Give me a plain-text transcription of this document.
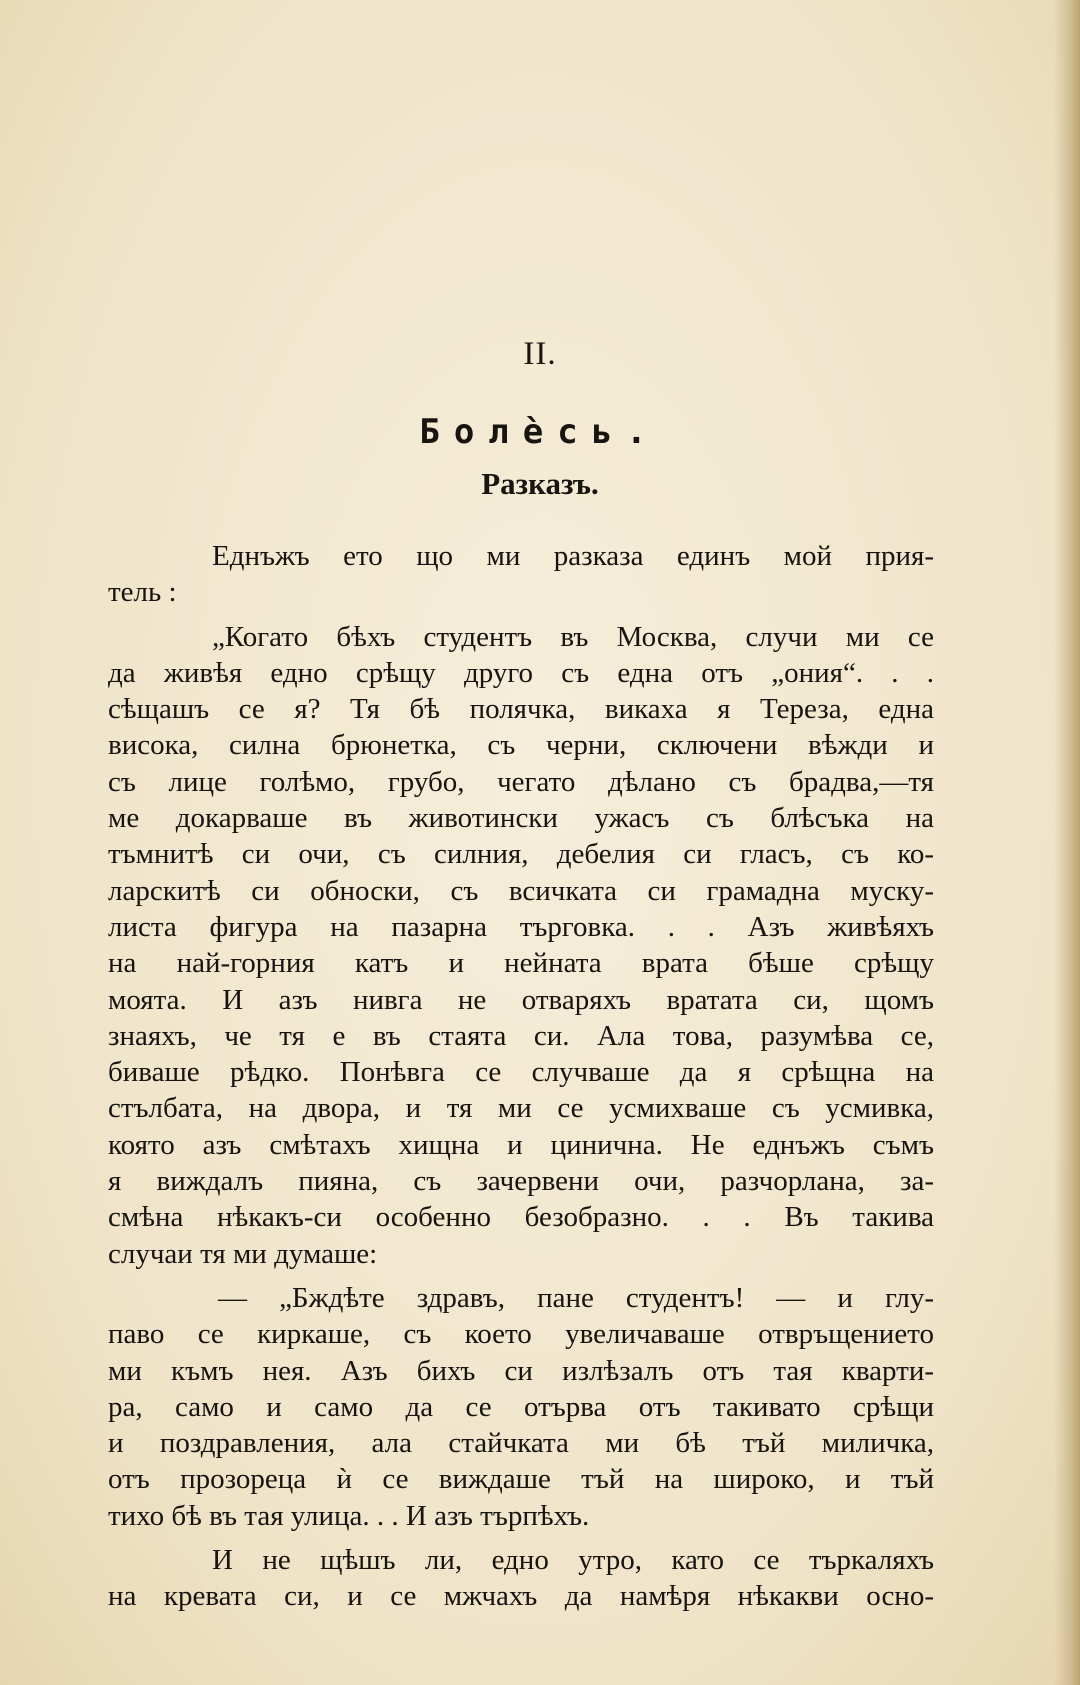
II.
Болѐсь.
Разказъ.
Еднъжъ ето що ми разказа единъ мой прия-
тель :
„Когато бѣхъ студентъ въ Москва, случи ми се
да живѣя едно срѣщу друго съ една отъ „ония“. . .
сѣщашъ се я? Тя бѣ полячка, викаха я Тереза, една
висока, силна брюнетка, съ черни, сключени вѣжди и
съ лице голѣмо, грубо, чегато дѣлано съ брадва,—тя
ме докарваше въ животински ужасъ съ блѣсъка на
тъмнитѣ си очи, съ силния, дебелия си гласъ, съ ко-
ларскитѣ си обноски, съ всичката си грамадна муску-
листа фигура на пазарна търговка. . . Азъ живѣяхъ
на най-горния катъ и нейната врата бѣше срѣщу
моята. И азъ нивга не отваряхъ вратата си, щомъ
знаяхъ, че тя е въ стаята си. Ала това, разумѣва се,
биваше рѣдко. Понѣвга се случваше да я срѣщна на
стълбата, на двора, и тя ми се усмихваше съ усмивка,
която азъ смѣтахъ хищна и цинична. Не еднъжъ съмъ
я виждалъ пияна, съ зачервени очи, разчорлана, за-
смѣна нѣкакъ-си особенно безобразно. . . Въ такива
случаи тя ми думаше:
— „Бждѣте здравъ, пане студентъ! — и глу-
паво се киркаше, съ което увеличаваше отвръщението
ми къмъ нея. Азъ бихъ си излѣзалъ отъ тая кварти-
ра, само и само да се отърва отъ такивато срѣщи
и поздравления, ала стайчката ми бѣ тъй миличка,
отъ прозорецa ѝ се виждаше тъй на широко, и тъй
тихо бѣ въ тая улица. . . И азъ търпѣхъ.
И не щѣшъ ли, едно утро, като се търкаляхъ
на кревата си, и се мжчахъ да намѣря нѣкакви осно-
